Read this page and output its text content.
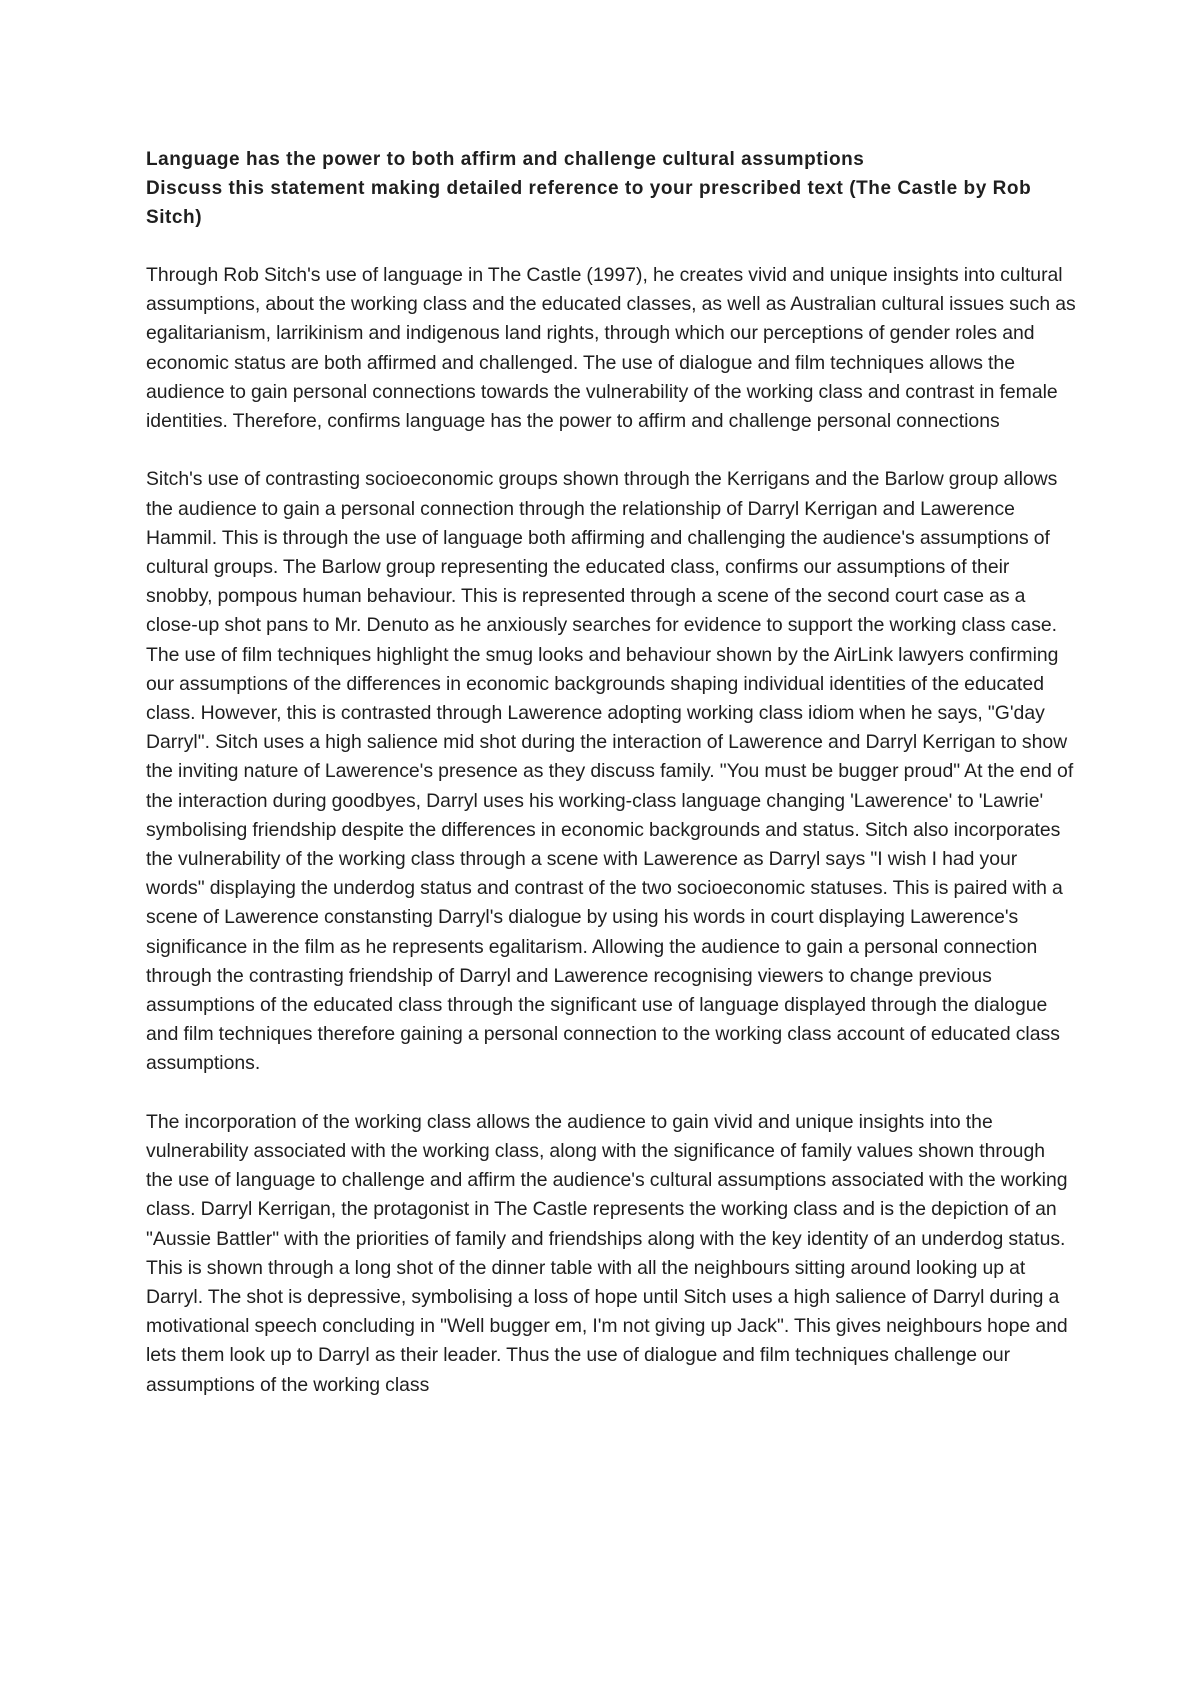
Language has the power to both affirm and challenge cultural assumptions
Discuss this statement making detailed reference to your prescribed text (The Castle by Rob Sitch)

Through Rob Sitch's use of language in The Castle (1997), he creates vivid and unique insights into cultural assumptions, about the working class and the educated classes, as well as Australian cultural issues such as egalitarianism, larrikinism and indigenous land rights, through which our perceptions of gender roles and economic status are both affirmed and challenged. The use of dialogue and film techniques allows the audience to gain personal connections towards the vulnerability of the working class and contrast in female identities. Therefore, confirms language has the power to affirm and challenge personal connections

Sitch's use of contrasting socioeconomic groups shown through the Kerrigans and the Barlow group allows the audience to gain a personal connection through the relationship of Darryl Kerrigan and Lawerence Hammil. This is through the use of language both affirming and challenging the audience's assumptions of cultural groups. The Barlow group representing the educated class, confirms our assumptions of their snobby, pompous human behaviour. This is represented through a scene of the second court case as a close-up shot pans to Mr. Denuto as he anxiously searches for evidence to support the working class case. The use of film techniques highlight the smug looks and behaviour shown by the AirLink lawyers confirming our assumptions of the differences in economic backgrounds shaping individual identities of the educated class. However, this is contrasted through Lawerence adopting working class idiom when he says, "G'day Darryl". Sitch uses a high salience mid shot during the interaction of Lawerence and Darryl Kerrigan to show the inviting nature of Lawerence's presence as they discuss family. "You must be bugger proud" At the end of the interaction during goodbyes, Darryl uses his working-class language changing 'Lawerence' to 'Lawrie' symbolising friendship despite the differences in economic backgrounds and status. Sitch also incorporates the vulnerability of the working class through a scene with Lawerence as Darryl says "I wish I had your words" displaying the underdog status and contrast of the two socioeconomic statuses. This is paired with a scene of Lawerence constansting Darryl's dialogue by using his words in court displaying Lawerence's significance in the film as he represents egalitarism. Allowing the audience to gain a personal connection through the contrasting friendship of Darryl and Lawerence recognising viewers to change previous assumptions of the educated class through the significant use of language displayed through the dialogue and film techniques therefore gaining a personal connection to the working class account of educated class assumptions.

The incorporation of the working class allows the audience to gain vivid and unique insights into the vulnerability associated with the working class, along with the significance of family values shown through the use of language to challenge and affirm the audience's cultural assumptions associated with the working class. Darryl Kerrigan, the protagonist in The Castle represents the working class and is the depiction of an "Aussie Battler" with the priorities of family and friendships along with the key identity of an underdog status. This is shown through a long shot of the dinner table with all the neighbours sitting around looking up at Darryl. The shot is depressive, symbolising a loss of hope until Sitch uses a high salience of Darryl during a motivational speech concluding in "Well bugger em, I'm not giving up Jack". This gives neighbours hope and lets them look up to Darryl as their leader. Thus the use of dialogue and film techniques challenge our assumptions of the working class
